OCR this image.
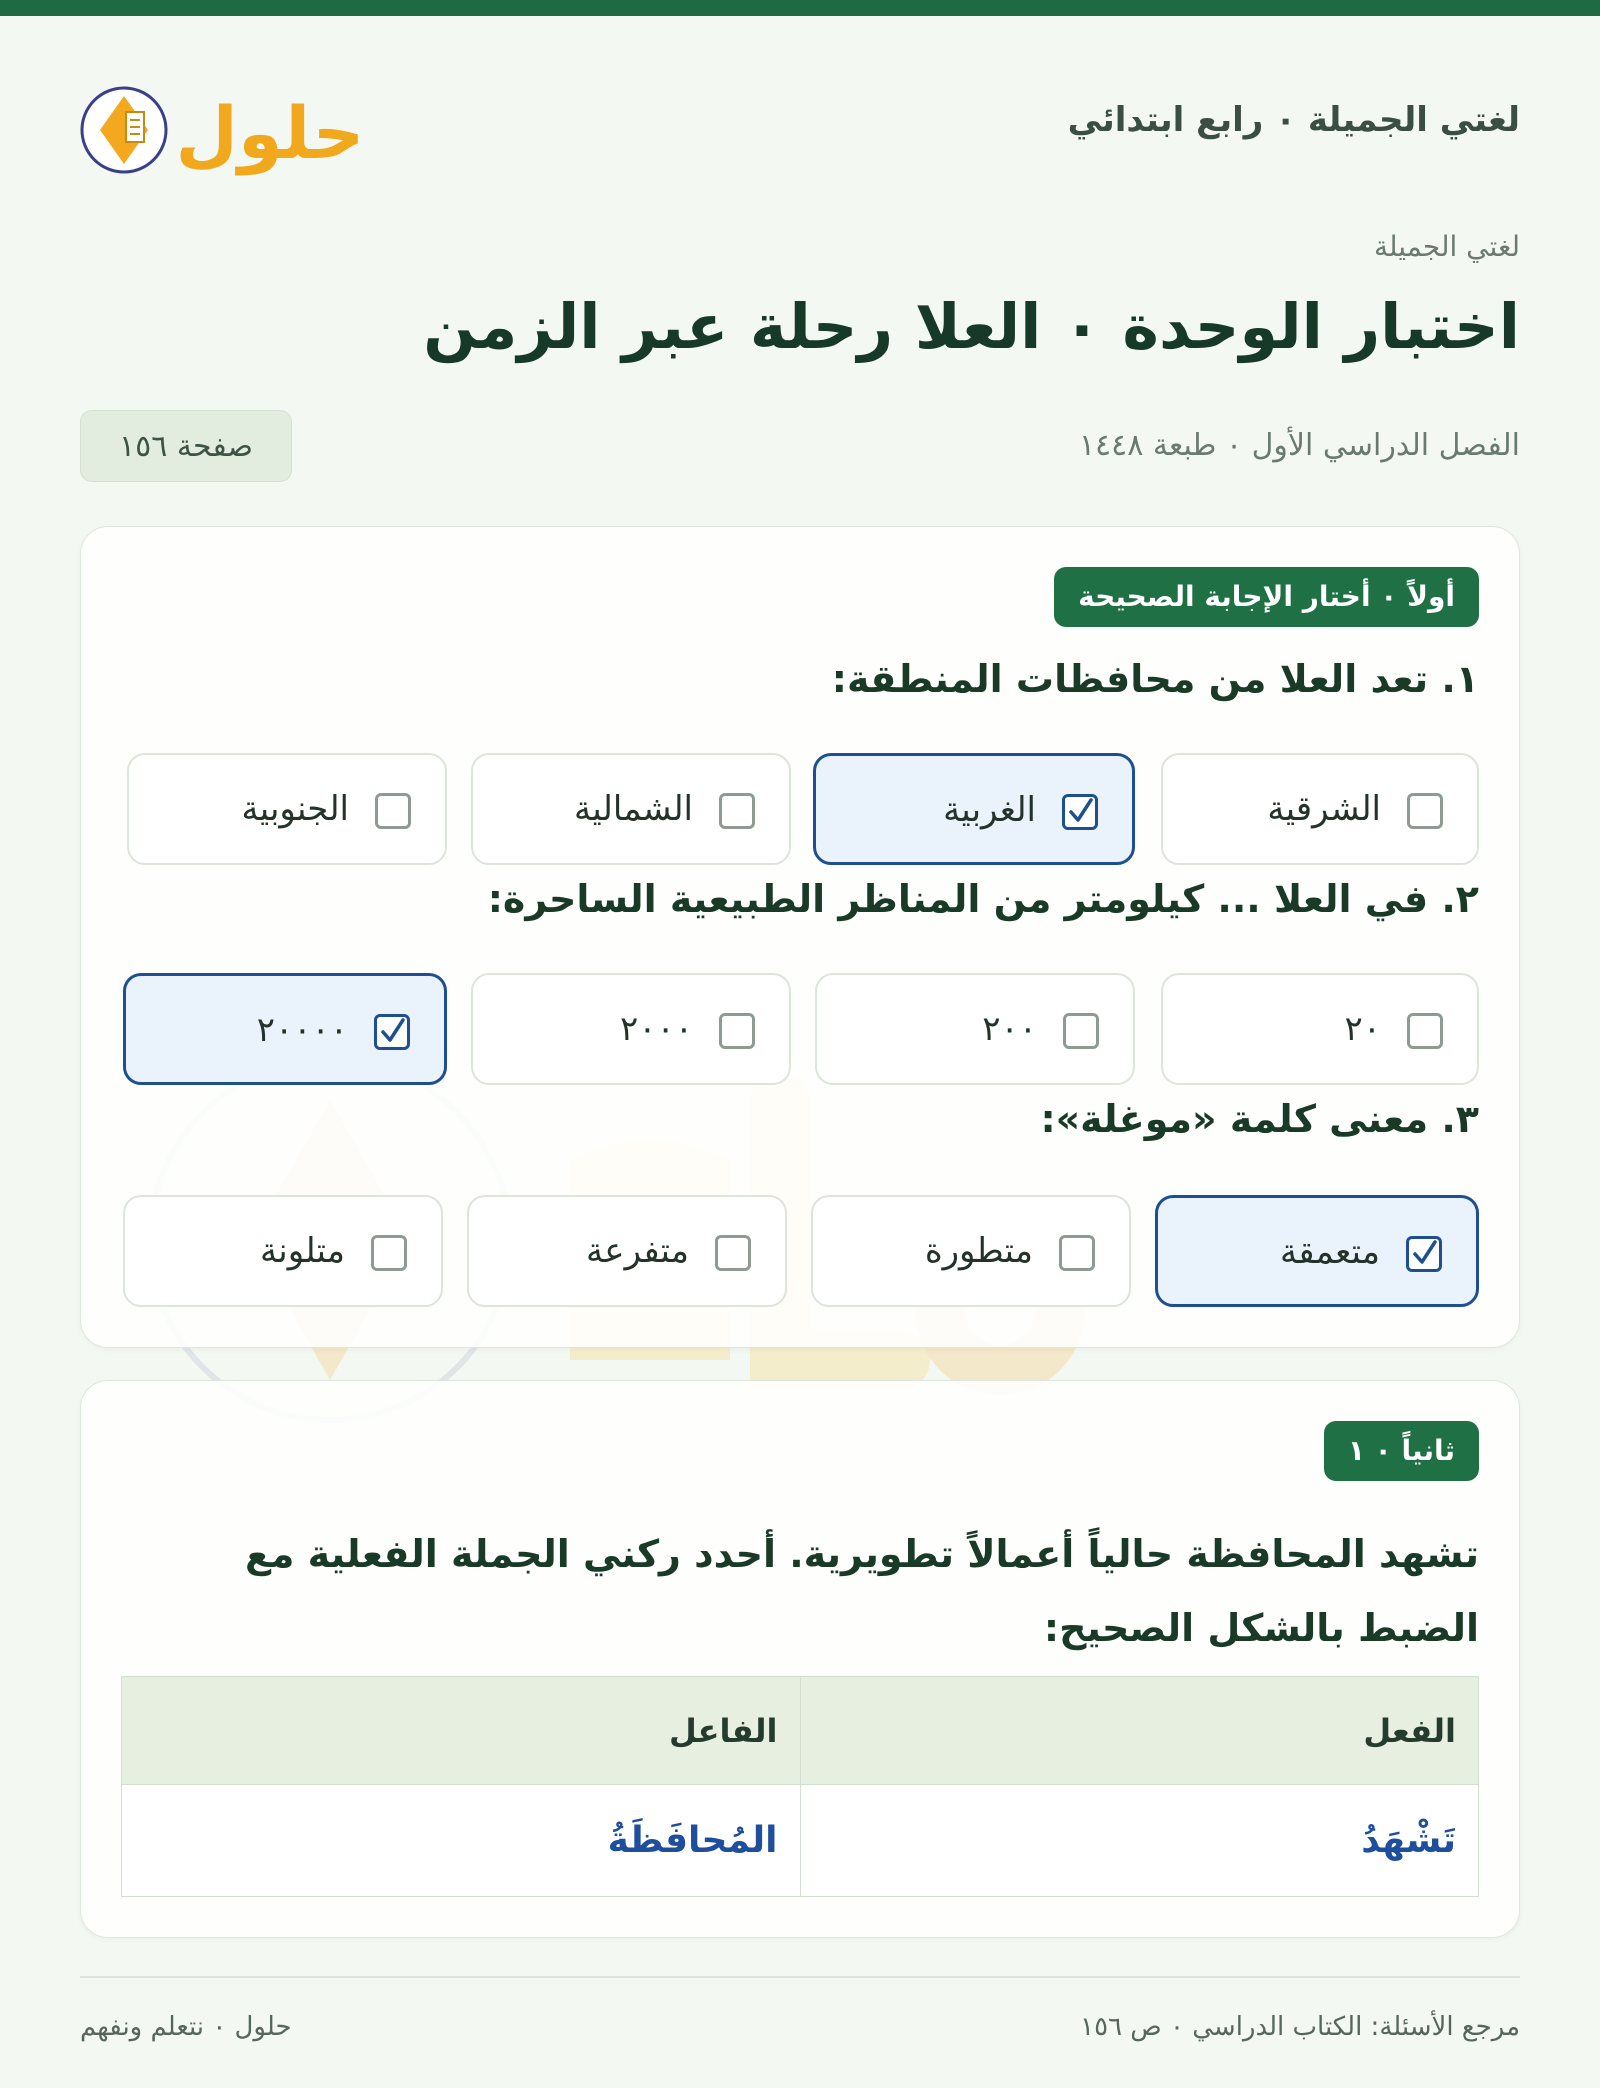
لغتي الجميلة ٠ رابع ابتدائي
حلول

لغتي الجميلة

اختبار الوحدة ٠ العلا رحلة عبر الزمن
الفصل الدراسي الأول ٠ طبعة ١٤٤٨
صفحة ١٥٦
أولاً ٠ أختار الإجابة الصحيحة

١. تعد العلا من محافظات المنطقة:

الشرقية
الغربية
الشمالية
الجنوبية

٢. في العلا ... كيلومتر من المناظر الطبيعية الساحرة:

٢٠
٢٠٠
٢٠٠٠
٢٠٠٠٠

٣. معنى كلمة «موغلة»:

متعمقة
متطورة
متفرعة
متلونة
ثانياً ٠ ١

تشهد المحافظة حالياً أعمالاً تطويرية. أحدد ركني الجملة الفعلية مع الضبط بالشكل الصحيح:

الفعل	الفاعل
تَشْهَدُ	المُحافَظَةُ

مرجع الأسئلة: الكتاب الدراسي ٠ ص ١٥٦

حلول ٠ نتعلم ونفهم
